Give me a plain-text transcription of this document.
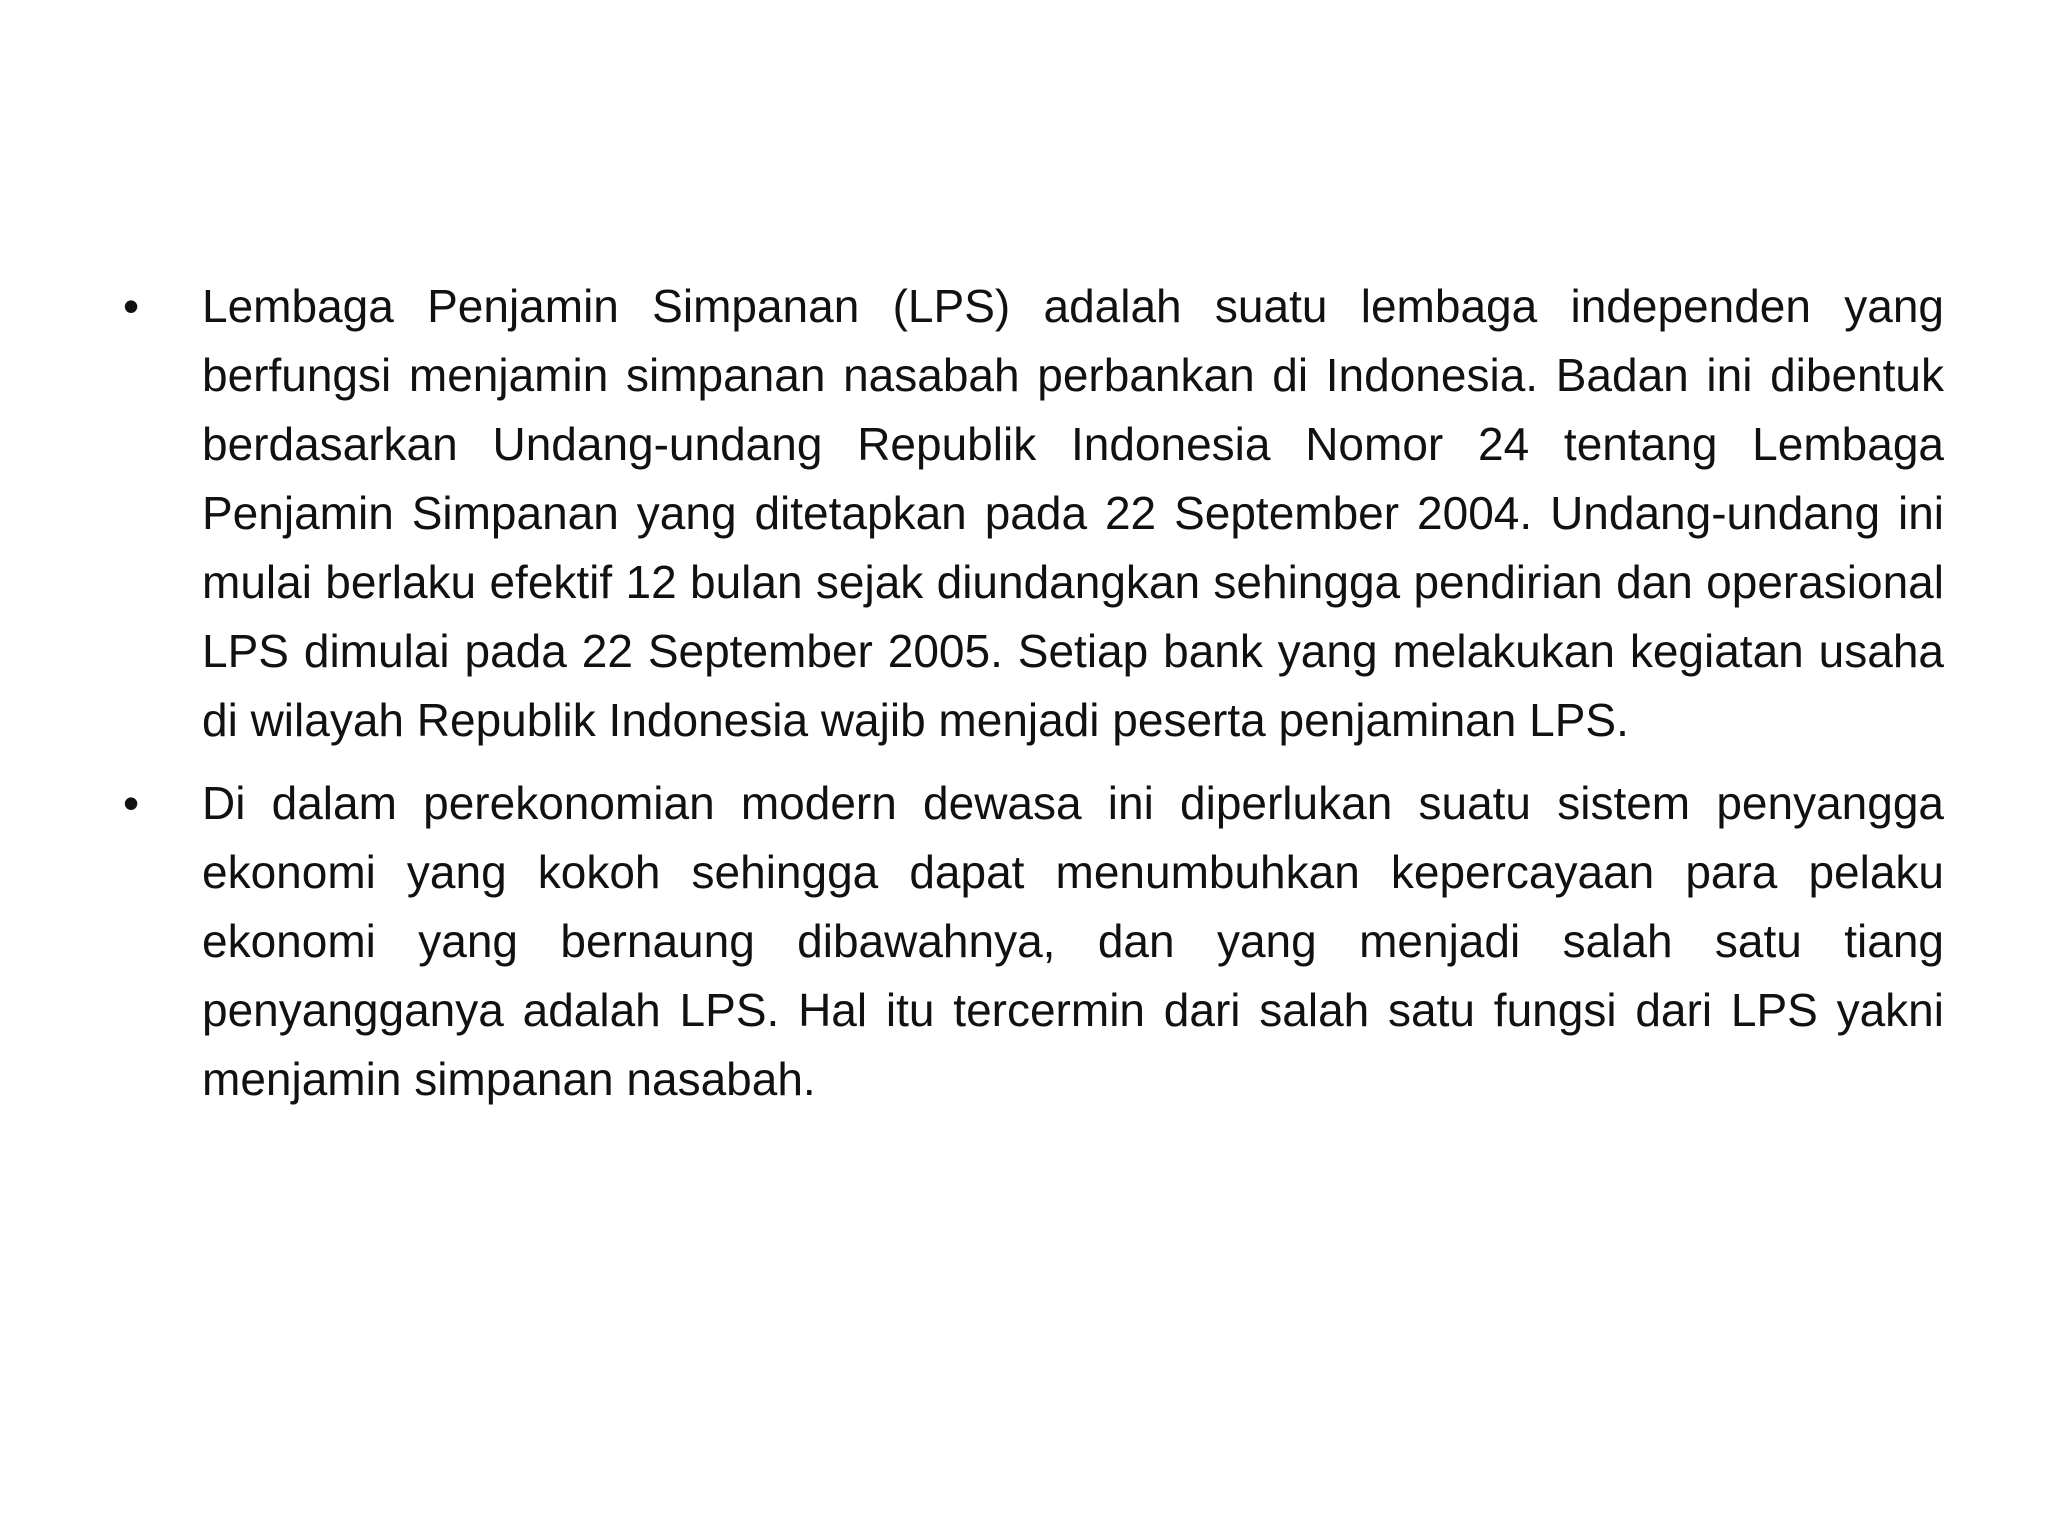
• Lembaga Penjamin Simpanan (LPS) adalah suatu lembaga independen yang berfungsi menjamin simpanan nasabah perbankan di Indonesia. Badan ini dibentuk berdasarkan Undang-undang Republik Indonesia Nomor 24 tentang Lembaga Penjamin Simpanan yang ditetapkan pada 22 September 2004. Undang-undang ini mulai berlaku efektif 12 bulan sejak diundangkan sehingga pendirian dan operasional LPS dimulai pada 22 September 2005. Setiap bank yang melakukan kegiatan usaha di wilayah Republik Indonesia wajib menjadi peserta penjaminan LPS.
• Di dalam perekonomian modern dewasa ini diperlukan suatu sistem penyangga ekonomi yang kokoh sehingga dapat menumbuhkan kepercayaan para pelaku ekonomi yang bernaung dibawahnya, dan yang menjadi salah satu tiang penyangganya adalah LPS. Hal itu tercermin dari salah satu fungsi dari LPS yakni menjamin simpanan nasabah.
